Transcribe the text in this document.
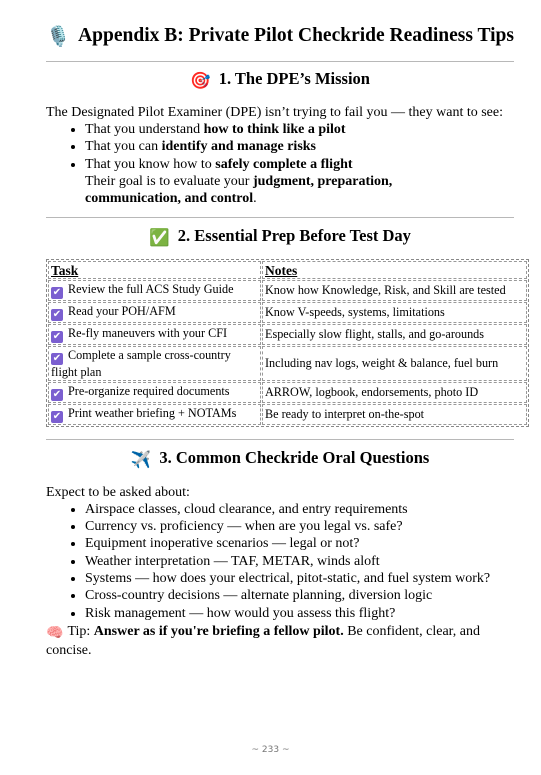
🎙️ Appendix B: Private Pilot Checkride Readiness Tips
🎯 1. The DPE’s Mission

The Designated Pilot Examiner (DPE) isn’t trying to fail you — they want to see:

• That you understand how to think like a pilot
• That you can identify and manage risks
• That you know how to safely complete a flight
Their goal is to evaluate your judgment, preparation, communication, and control.
✅ 2. Essential Prep Before Test Day
Task	Notes
✔ Review the full ACS Study Guide	Know how Knowledge, Risk, and Skill are tested
✔ Read your POH/AFM	Know V-speeds, systems, limitations
✔ Re-fly maneuvers with your CFI	Especially slow flight, stalls, and go-arounds
✔ Complete a sample cross-country flight plan	Including nav logs, weight & balance, fuel burn
✔ Pre-organize required documents	ARROW, logbook, endorsements, photo ID
✔ Print weather briefing + NOTAMs	Be ready to interpret on-the-spot
✈️ 3. Common Checkride Oral Questions

Expect to be asked about:

• Airspace classes, cloud clearance, and entry requirements
• Currency vs. proficiency — when are you legal vs. safe?
• Equipment inoperative scenarios — legal or not?
• Weather interpretation — TAF, METAR, winds aloft
• Systems — how does your electrical, pitot-static, and fuel system work?
• Cross-country decisions — alternate planning, diversion logic
• Risk management — how would you assess this flight?

🧠 Tip: Answer as if you're briefing a fellow pilot. Be confident, clear, and concise.

~ 233 ~
